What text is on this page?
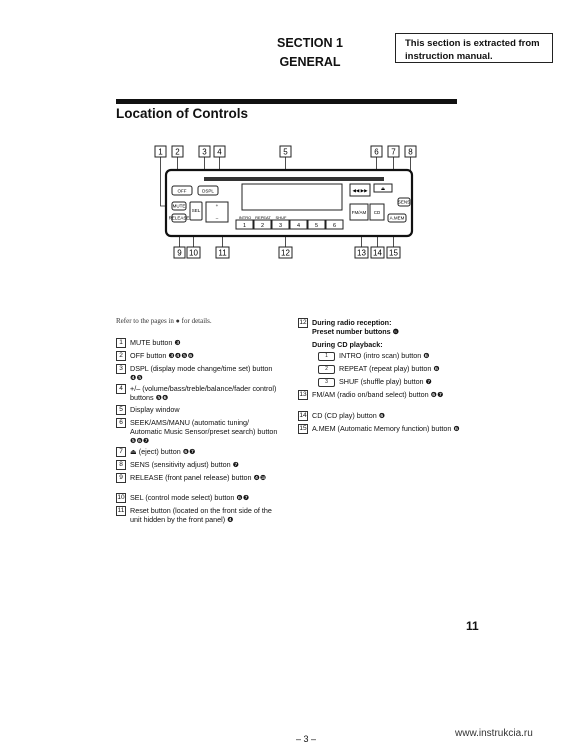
SECTION 1
GENERAL
This section is extracted from
instruction manual.
Location of Controls
1 2	3 4	5	6 7 8
9 10	11	12	13 14 15
OFF	DSPL
MUTE
RELEASE
SEL
+
–
◀◀ ▶▶	⏏
SENS
FM/AM CD
A.MEM
INTRO REPEAT SHUF
1	2	3	4	5	6
Refer to the pages in ● for details.
1 MUTE button ❸
2 OFF button ❸❹❺❻
3 DSPL (display mode change/time set) button ❹❺
4 +/– (volume/bass/treble/balance/fader control) buttons ❺❻
5 Display window
6 SEEK/AMS/MANU (automatic tuning/ Automatic Music Sensor/preset search) button ❺❻❼
7 ⏏ (eject) button ❻❼
8 SENS (sensitivity adjust) button ❼
9 RELEASE (front panel release) button ❹❿
10 SEL (control mode select) button ❻❼
11 Reset button (located on the front side of the unit hidden by the front panel) ❹
12 During radio reception:
Preset number buttons ❻
During CD playback:
1 INTRO (intro scan) button ❻
2 REPEAT (repeat play) button ❻
3 SHUF (shuffle play) button ❼
13 FM/AM (radio on/band select) button ❻❼
14 CD (CD play) button ❻
15 A.MEM (Automatic Memory function) button ❻
11
– 3 –	www.instrukcia.ru
